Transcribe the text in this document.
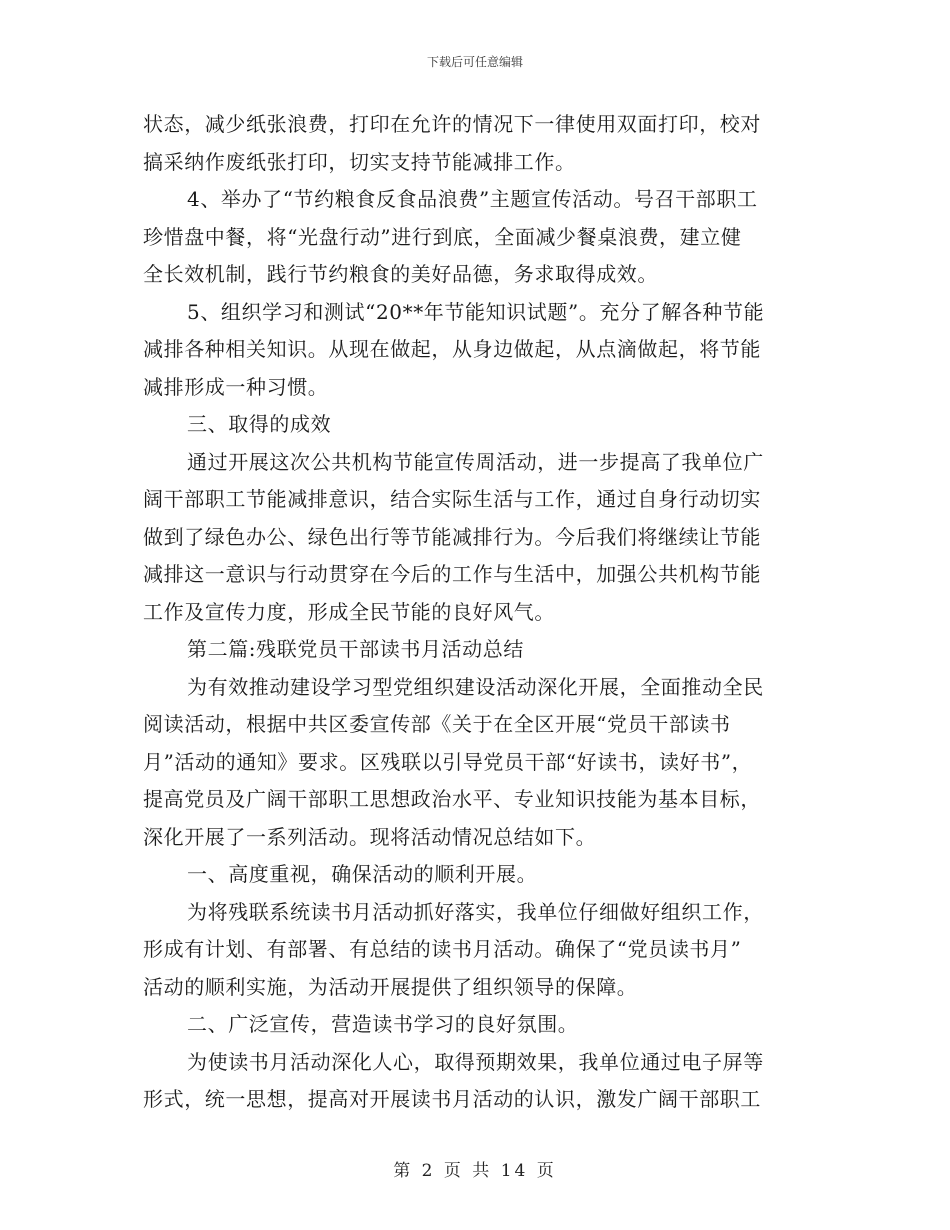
下载后可任意编辑
状态，减少纸张浪费，打印在允许的情况下一律使用双面打印，校对
搞采纳作废纸张打印，切实支持节能减排工作。
4、举办了“节约粮食反食品浪费”主题宣传活动。号召干部职工
珍惜盘中餐，将“光盘行动”进行到底，全面减少餐桌浪费，建立健
全长效机制，践行节约粮食的美好品德，务求取得成效。
5、组织学习和测试“20**年节能知识试题”。充分了解各种节能
减排各种相关知识。从现在做起，从身边做起，从点滴做起，将节能
减排形成一种习惯。
三、取得的成效
通过开展这次公共机构节能宣传周活动，进一步提高了我单位广
阔干部职工节能减排意识，结合实际生活与工作，通过自身行动切实
做到了绿色办公、绿色出行等节能减排行为。今后我们将继续让节能
减排这一意识与行动贯穿在今后的工作与生活中，加强公共机构节能
工作及宣传力度，形成全民节能的良好风气。
第二篇:残联党员干部读书月活动总结
为有效推动建设学习型党组织建设活动深化开展，全面推动全民
阅读活动，根据中共区委宣传部《关于在全区开展“党员干部读书
月”活动的通知》要求。区残联以引导党员干部“好读书，读好书”，
提高党员及广阔干部职工思想政治水平、专业知识技能为基本目标，
深化开展了一系列活动。现将活动情况总结如下。
一、高度重视，确保活动的顺利开展。
为将残联系统读书月活动抓好落实，我单位仔细做好组织工作，
形成有计划、有部署、有总结的读书月活动。确保了“党员读书月”
活动的顺利实施，为活动开展提供了组织领导的保障。
二、广泛宣传，营造读书学习的良好氛围。
为使读书月活动深化人心，取得预期效果，我单位通过电子屏等
形式，统一思想，提高对开展读书月活动的认识，激发广阔干部职工
第 2 页 共 14 页
